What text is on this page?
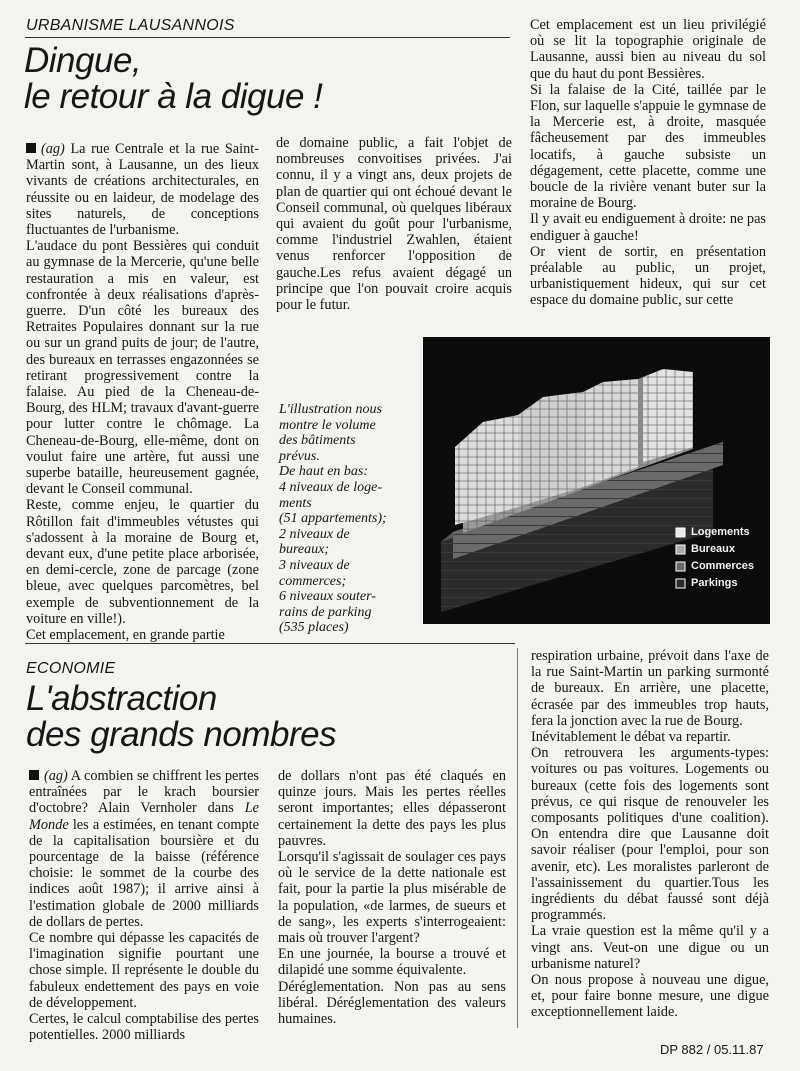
URBANISME LAUSANNOIS
Dingue,
le retour à la digue !

(ag) La rue Centrale et la rue Saint-Martin sont, à Lausanne, un des lieux vivants de créations architecturales, en réussite ou en laideur, de modelage des sites naturels, de conceptions fluctuantes de l'urbanisme.

L'audace du pont Bessières qui conduit au gymnase de la Mercerie, qu'une belle restauration a mis en valeur, est confrontée à deux réalisations d'après-guerre. D'un côté les bureaux des Retraites Populaires donnant sur la rue ou sur un grand puits de jour; de l'autre, des bureaux en terrasses engazonnées se retirant progressivement contre la falaise. Au pied de la Cheneau-de-Bourg, des HLM; travaux d'avant-guerre pour lutter contre le chômage. La Cheneau-de-Bourg, elle-même, dont on voulut faire une artère, fut aussi une superbe bataille, heureusement gagnée, devant le Conseil communal.

Reste, comme enjeu, le quartier du Rôtillon fait d'immeubles vétustes qui s'adossent à la moraine de Bourg et, devant eux, d'une petite place arborisée, en demi-cercle, zone de parcage (zone bleue, avec quelques parcomètres, bel exemple de subventionnement de la voiture en ville!).

Cet emplacement, en grande partie

de domaine public, a fait l'objet de nombreuses convoitises privées. J'ai connu, il y a vingt ans, deux projets de plan de quartier qui ont échoué devant le Conseil communal, où quelques libéraux qui avaient du goût pour l'urbanisme, comme l'industriel Zwahlen, étaient venus renforcer l'opposition de gauche.Les refus avaient dégagé un principe que l'on pouvait croire acquis pour le futur.

Cet emplacement est un lieu privilégié où se lit la topographie originale de Lausanne, aussi bien au niveau du sol que du haut du pont Bessières.

Si la falaise de la Cité, taillée par le Flon, sur laquelle s'appuie le gymnase de la Mercerie est, à droite, masquée fâcheusement par des immeubles locatifs, à gauche subsiste un dégagement, cette placette, comme une boucle de la rivière venant buter sur la moraine de Bourg.

Il y avait eu endiguement à droite: ne pas endiguer à gauche!

Or vient de sortir, en présentation préalable au public, un projet, urbanistiquement hideux, qui sur cet espace du domaine public, sur cette

L'illustration nous
montre le volume
des bâtiments
prévus.
De haut en bas:
4 niveaux de loge-
ments
(51 appartements);
2 niveaux de
bureaux;
3 niveaux de
commerces;
6 niveaux souter-
rains de parking
(535 places)
Logements
Bureaux
Commerces
Parkings
ECONOMIE
L'abstraction
des grands nombres

(ag) A combien se chiffrent les pertes entraînées par le krach boursier d'octobre? Alain Vernholer dans Le Monde les a estimées, en tenant compte de la capitalisation boursière et du pourcentage de la baisse (référence choisie: le sommet de la courbe des indices août 1987); il arrive ainsi à l'estimation globale de 2000 milliards de dollars de pertes.

Ce nombre qui dépasse les capacités de l'imagination signifie pourtant une chose simple. Il représente le double du fabuleux endettement des pays en voie de développement.

Certes, le calcul comptabilise des pertes potentielles. 2000 milliards

de dollars n'ont pas été claqués en quinze jours. Mais les pertes réelles seront importantes; elles dépasseront certainement la dette des pays les plus pauvres.

Lorsqu'il s'agissait de soulager ces pays où le service de la dette nationale est fait, pour la partie la plus misérable de la population, «de larmes, de sueurs et de sang», les experts s'interrogeaient: mais où trouver l'argent?

En une journée, la bourse a trouvé et dilapidé une somme équivalente.

Déréglementation. Non pas au sens libéral. Déréglementation des valeurs humaines.

respiration urbaine, prévoit dans l'axe de la rue Saint-Martin un parking surmonté de bureaux. En arrière, une placette, écrasée par des immeubles trop hauts, fera la jonction avec la rue de Bourg.

Inévitablement le débat va repartir.

On retrouvera les arguments-types: voitures ou pas voitures. Logements ou bureaux (cette fois des logements sont prévus, ce qui risque de renouveler les composants politiques d'une coalition). On entendra dire que Lausanne doit savoir réaliser (pour l'emploi, pour son avenir, etc). Les moralistes parleront de l'assainissement du quartier.Tous les ingrédients du débat faussé sont déjà programmés.

La vraie question est la même qu'il y a vingt ans. Veut-on une digue ou un urbanisme naturel?

On nous propose à nouveau une digue, et, pour faire bonne mesure, une digue exceptionnellement laide.

DP 882 / 05.11.87
